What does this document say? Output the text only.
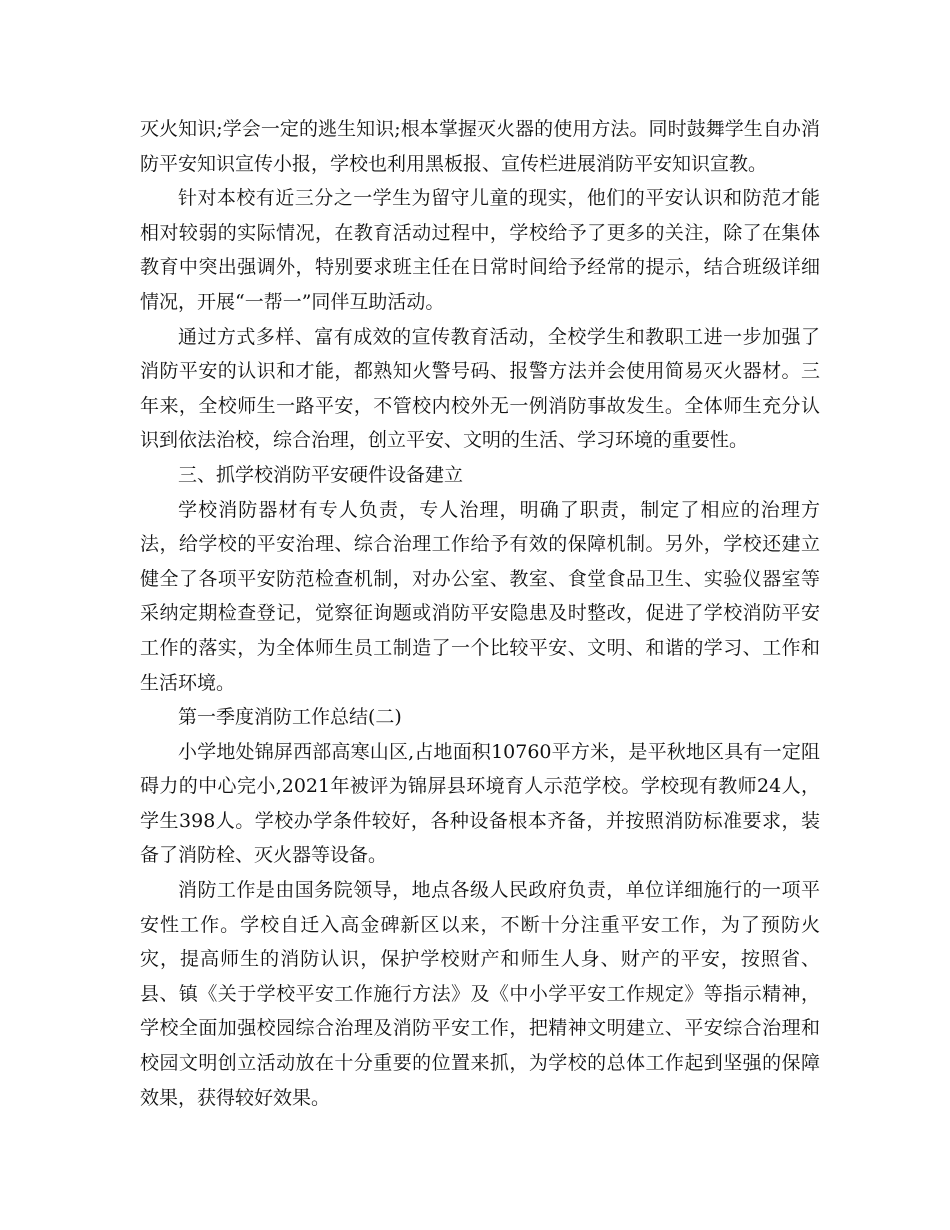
灭火知识;学会一定的逃生知识;根本掌握灭火器的使用方法。同时鼓舞学生自办消防平安知识宣传小报，学校也利用黑板报、宣传栏进展消防平安知识宣教。

针对本校有近三分之一学生为留守儿童的现实，他们的平安认识和防范才能相对较弱的实际情况，在教育活动过程中，学校给予了更多的关注，除了在集体教育中突出强调外，特别要求班主任在日常时间给予经常的提示，结合班级详细情况，开展“一帮一”同伴互助活动。

通过方式多样、富有成效的宣传教育活动，全校学生和教职工进一步加强了消防平安的认识和才能，都熟知火警号码、报警方法并会使用简易灭火器材。三年来，全校师生一路平安，不管校内校外无一例消防事故发生。全体师生充分认识到依法治校，综合治理，创立平安、文明的生活、学习环境的重要性。

三、抓学校消防平安硬件设备建立

学校消防器材有专人负责，专人治理，明确了职责，制定了相应的治理方法，给学校的平安治理、综合治理工作给予有效的保障机制。另外，学校还建立健全了各项平安防范检查机制，对办公室、教室、食堂食品卫生、实验仪器室等采纳定期检查登记，觉察征询题或消防平安隐患及时整改，促进了学校消防平安工作的落实，为全体师生员工制造了一个比较平安、文明、和谐的学习、工作和生活环境。

第一季度消防工作总结(二)

小学地处锦屏西部高寒山区,占地面积10760平方米，是平秋地区具有一定阻碍力的中心完小,2021年被评为锦屏县环境育人示范学校。学校现有教师24人，学生398人。学校办学条件较好，各种设备根本齐备，并按照消防标准要求，装备了消防栓、灭火器等设备。

消防工作是由国务院领导，地点各级人民政府负责，单位详细施行的一项平安性工作。学校自迁入高金碑新区以来，不断十分注重平安工作，为了预防火灾，提高师生的消防认识，保护学校财产和师生人身、财产的平安，按照省、县、镇《关于学校平安工作施行方法》及《中小学平安工作规定》等指示精神，学校全面加强校园综合治理及消防平安工作，把精神文明建立、平安综合治理和校园文明创立活动放在十分重要的位置来抓，为学校的总体工作起到坚强的保障效果，获得较好效果。
